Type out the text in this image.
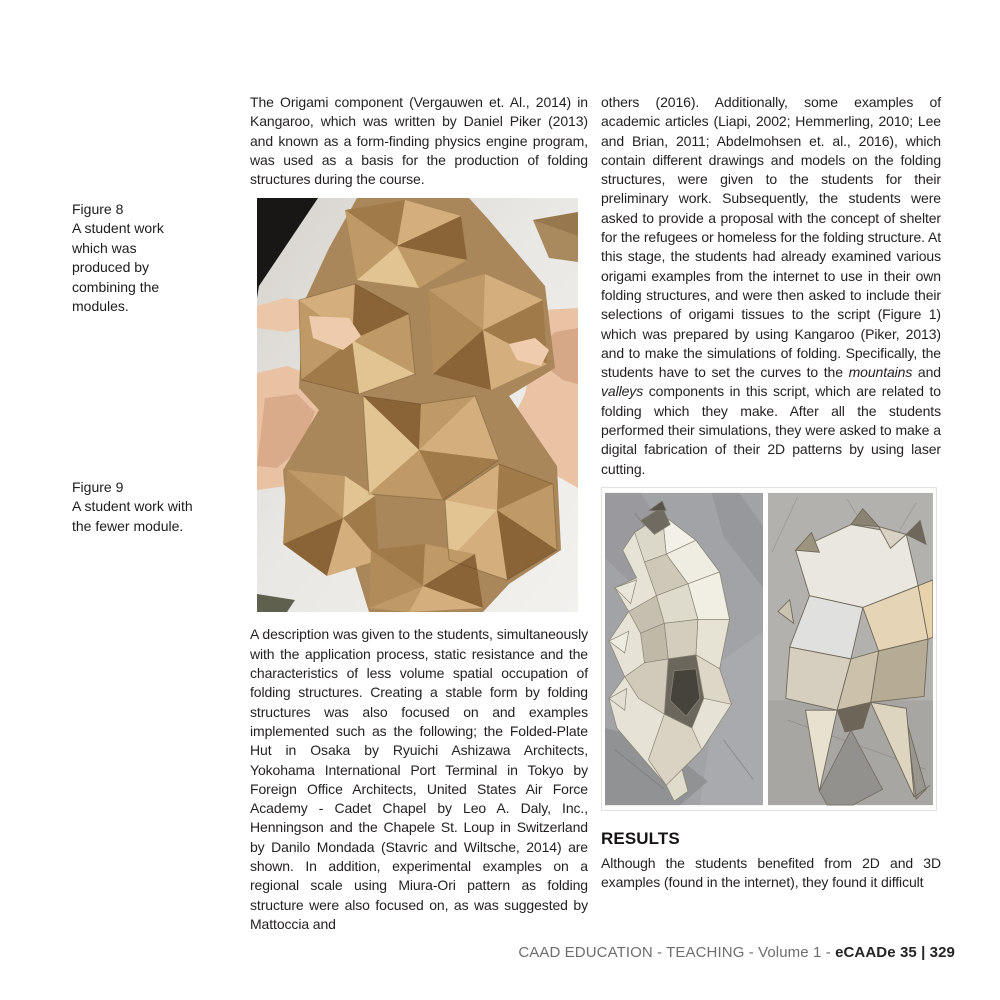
Figure 8
A student work which was produced by combining the modules.
Figure 9
A student work with the fewer module.

The Origami component (Vergauwen et. Al., 2014) in Kangaroo, which was written by Daniel Piker (2013) and known as a form-finding physics engine program, was used as a basis for the production of folding structures during the course.

A description was given to the students, simultaneously with the application process, static resistance and the characteristics of less volume spatial occupation of folding structures. Creating a stable form by folding structures was also focused on and examples implemented such as the following; the Folded-Plate Hut in Osaka by Ryuichi Ashizawa Architects, Yokohama International Port Terminal in Tokyo by Foreign Office Architects, United States Air Force Academy - Cadet Chapel by Leo A. Daly, Inc., Henningson and the Chapele St. Loup in Switzerland by Danilo Mondada (Stavric and Wiltsche, 2014) are shown. In addition, experimental examples on a regional scale using Miura-Ori pattern as folding structure were also focused on, as was suggested by Mattoccia and

others (2016). Additionally, some examples of academic articles (Liapi, 2002; Hemmerling, 2010; Lee and Brian, 2011; Abdelmohsen et. al., 2016), which contain different drawings and models on the folding structures, were given to the students for their preliminary work. Subsequently, the students were asked to provide a proposal with the concept of shelter for the refugees or homeless for the folding structure. At this stage, the students had already examined various origami examples from the internet to use in their own folding structures, and were then asked to include their selections of origami tissues to the script (Figure 1) which was prepared by using Kangaroo (Piker, 2013) and to make the simulations of folding. Specifically, the students have to set the curves to the mountains and valleys components in this script, which are related to folding which they make. After all the students performed their simulations, they were asked to make a digital fabrication of their 2D patterns by using laser cutting.

RESULTS

Although the students benefited from 2D and 3D examples (found in the internet), they found it difficult

CAAD EDUCATION - TEACHING - Volume 1 - eCAADe 35 | 329
